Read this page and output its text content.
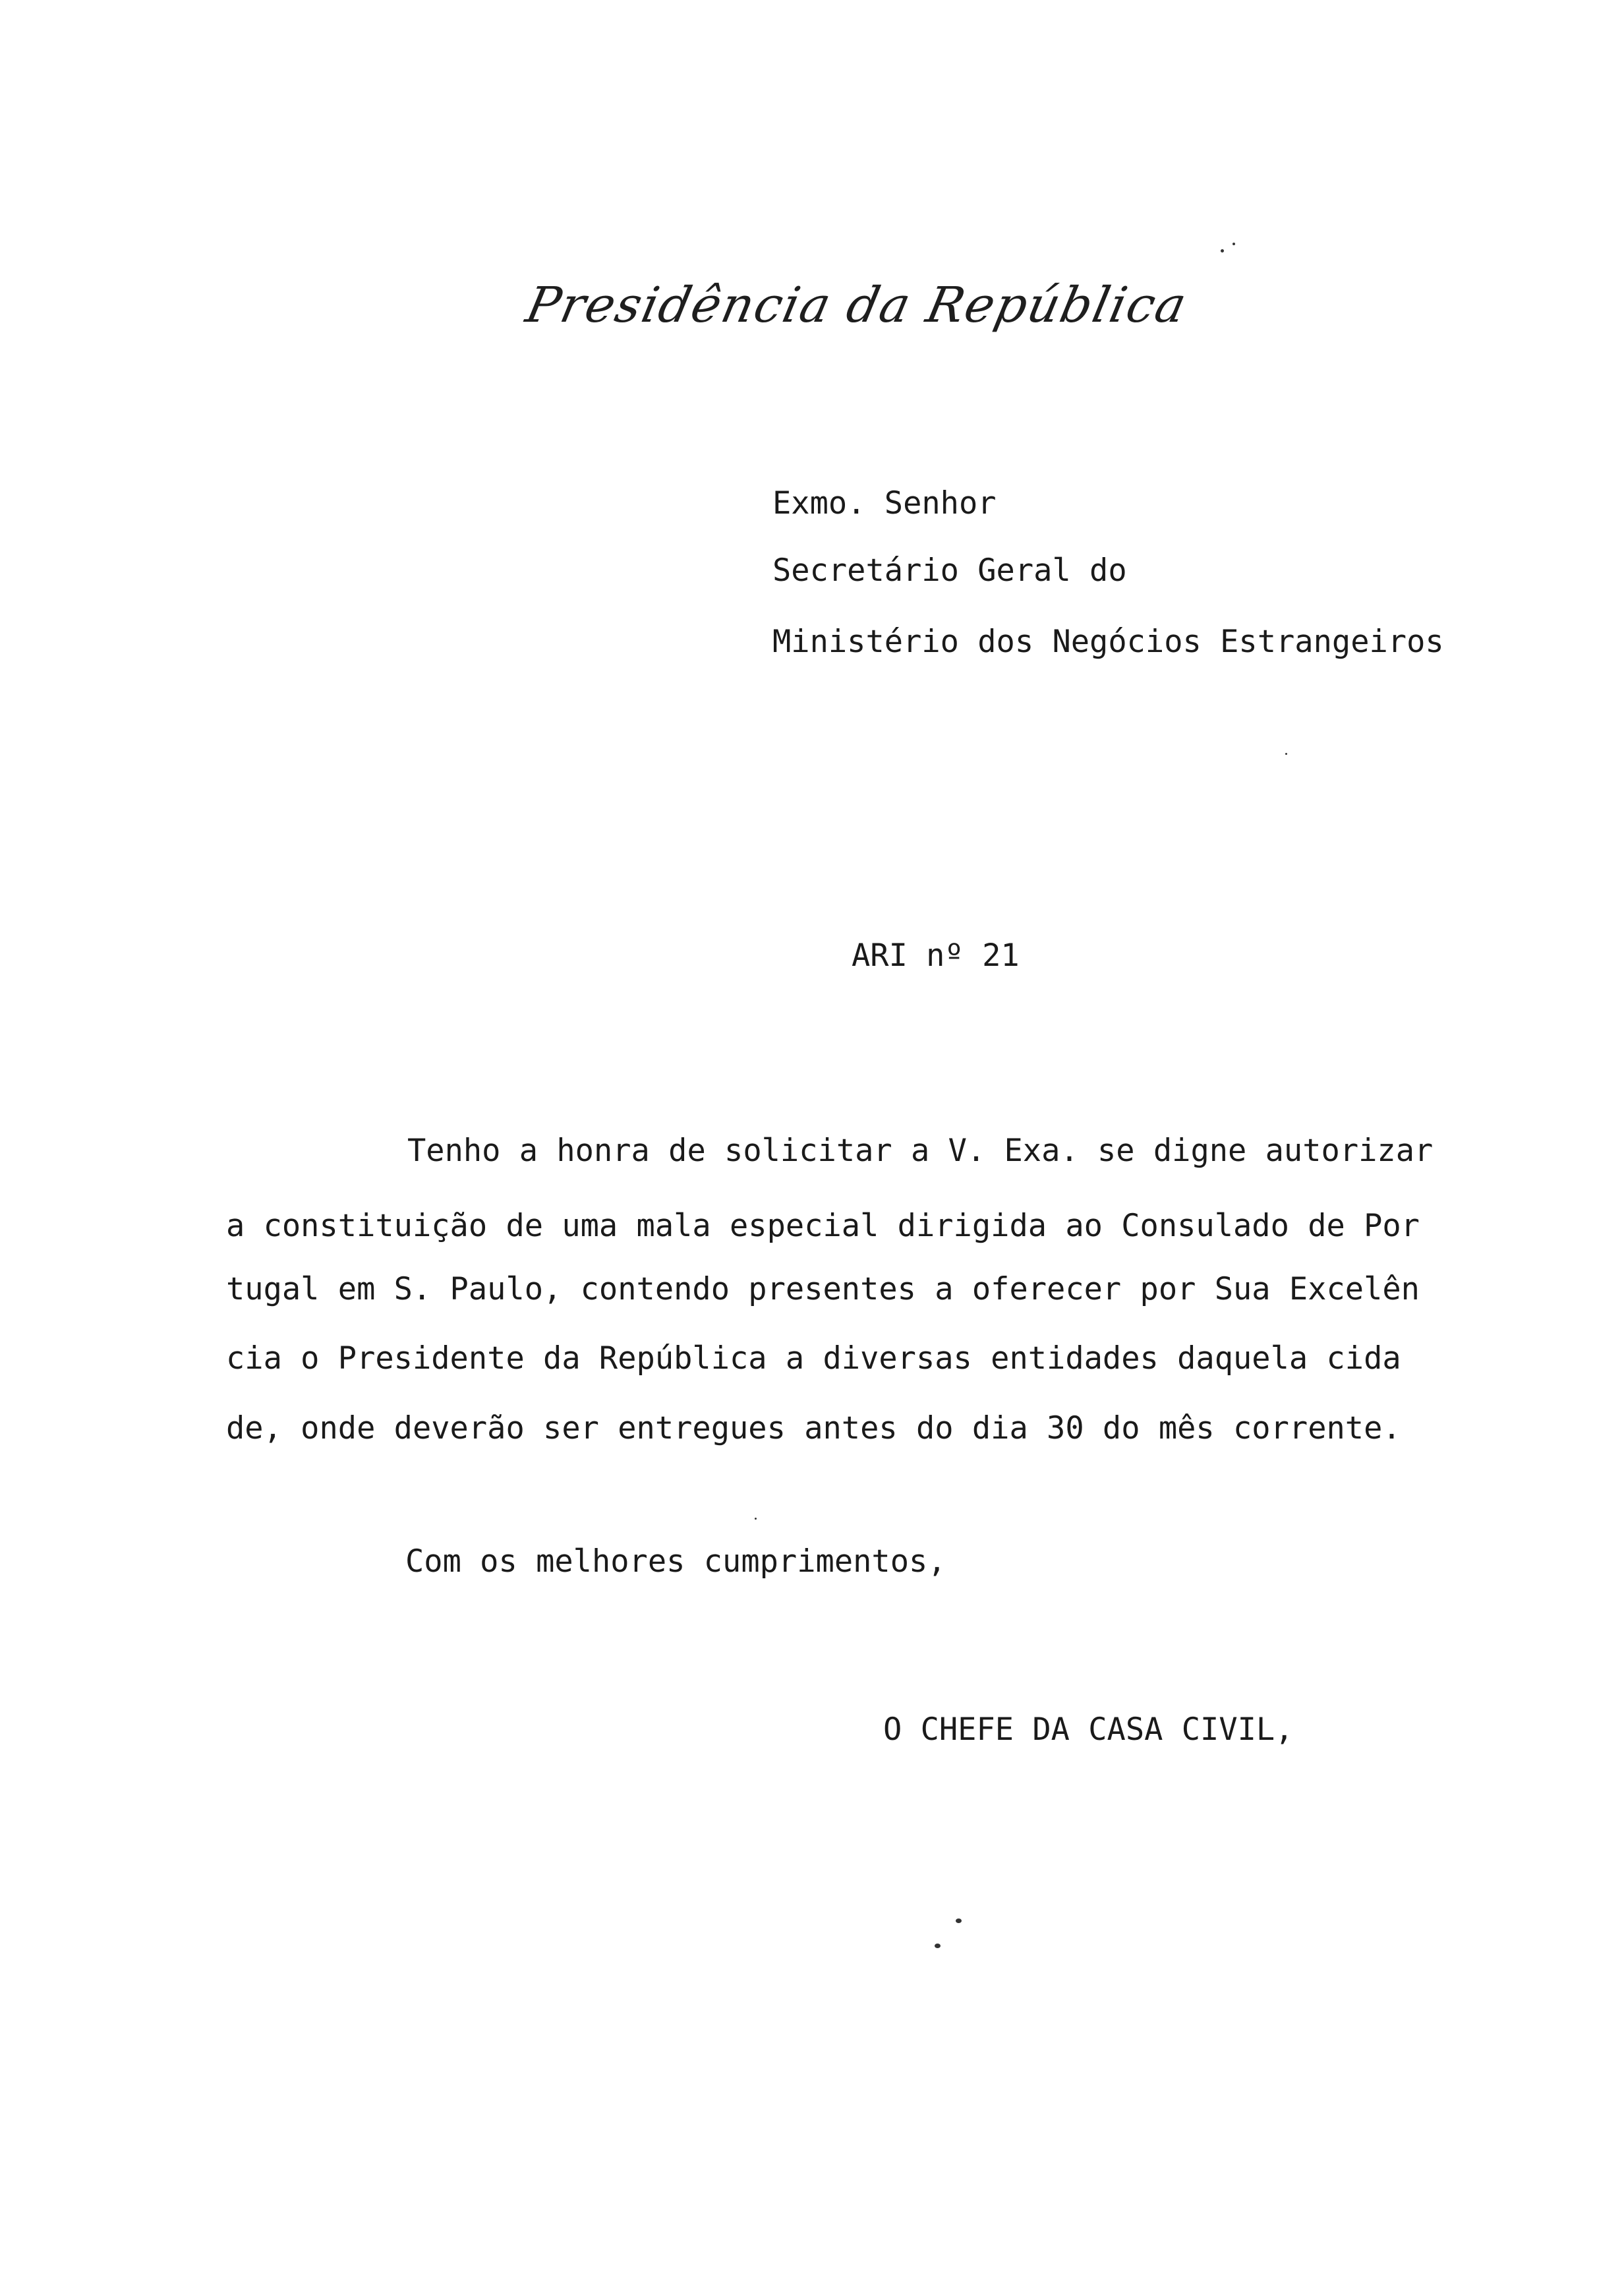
Presidência da República
Exmo. Senhor
Secretário Geral do
Ministério dos Negócios Estrangeiros
ARI nº 21
Tenho a honra de solicitar a V. Exa. se digne autorizar
a constituição de uma mala especial dirigida ao Consulado de Por
tugal em S. Paulo, contendo presentes a oferecer por Sua Excelên
cia o Presidente da República a diversas entidades daquela cida
de, onde deverão ser entregues antes do dia 30 do mês corrente.
Com os melhores cumprimentos,
O CHEFE DA CASA CIVIL,
